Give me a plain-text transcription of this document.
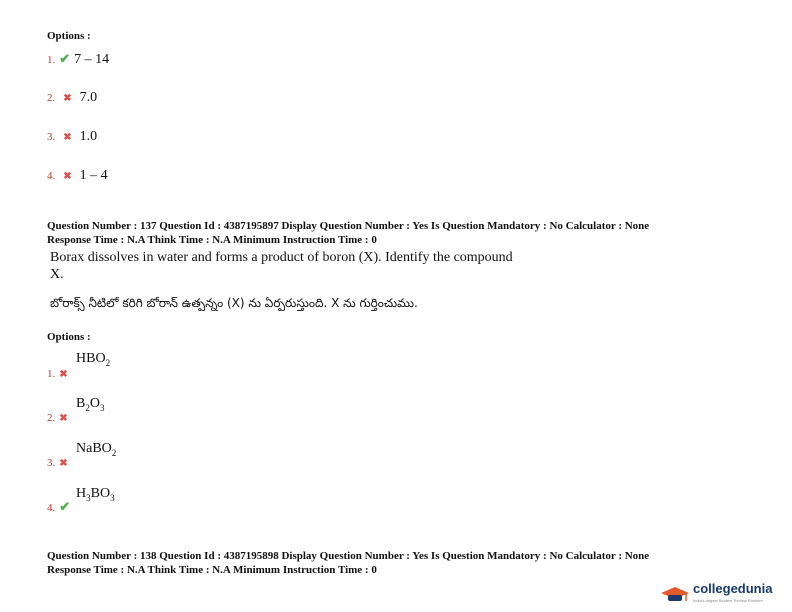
Options :
1. ✔ 7 – 14
2. ✖ 7.0
3. ✖ 1.0
4. ✖ 1 – 4
Question Number : 137 Question Id : 4387195897 Display Question Number : Yes Is Question Mandatory : No Calculator : None
Response Time : N.A Think Time : N.A Minimum Instruction Time : 0
Borax dissolves in water and forms a product of boron (X). Identify the compound
X.
బోరాక్స్ నీటిలో కరిగి బోరాన్ ఉత్పన్నం (X) ను ఏర్పరుస్తుంది. X ను గుర్తించుము.
Options :
$HBO_2$
1. ✖
$B_2O_3$
2. ✖
NaBO$_2$
3. ✖
$H_3BO_3$
4. ✔
Question Number : 138 Question Id : 4387195898 Display Question Number : Yes Is Question Mandatory : No Calculator : None
Response Time : N.A Think Time : N.A Minimum Instruction Time : 0
collegedunia
India's largest Student Review Platform
